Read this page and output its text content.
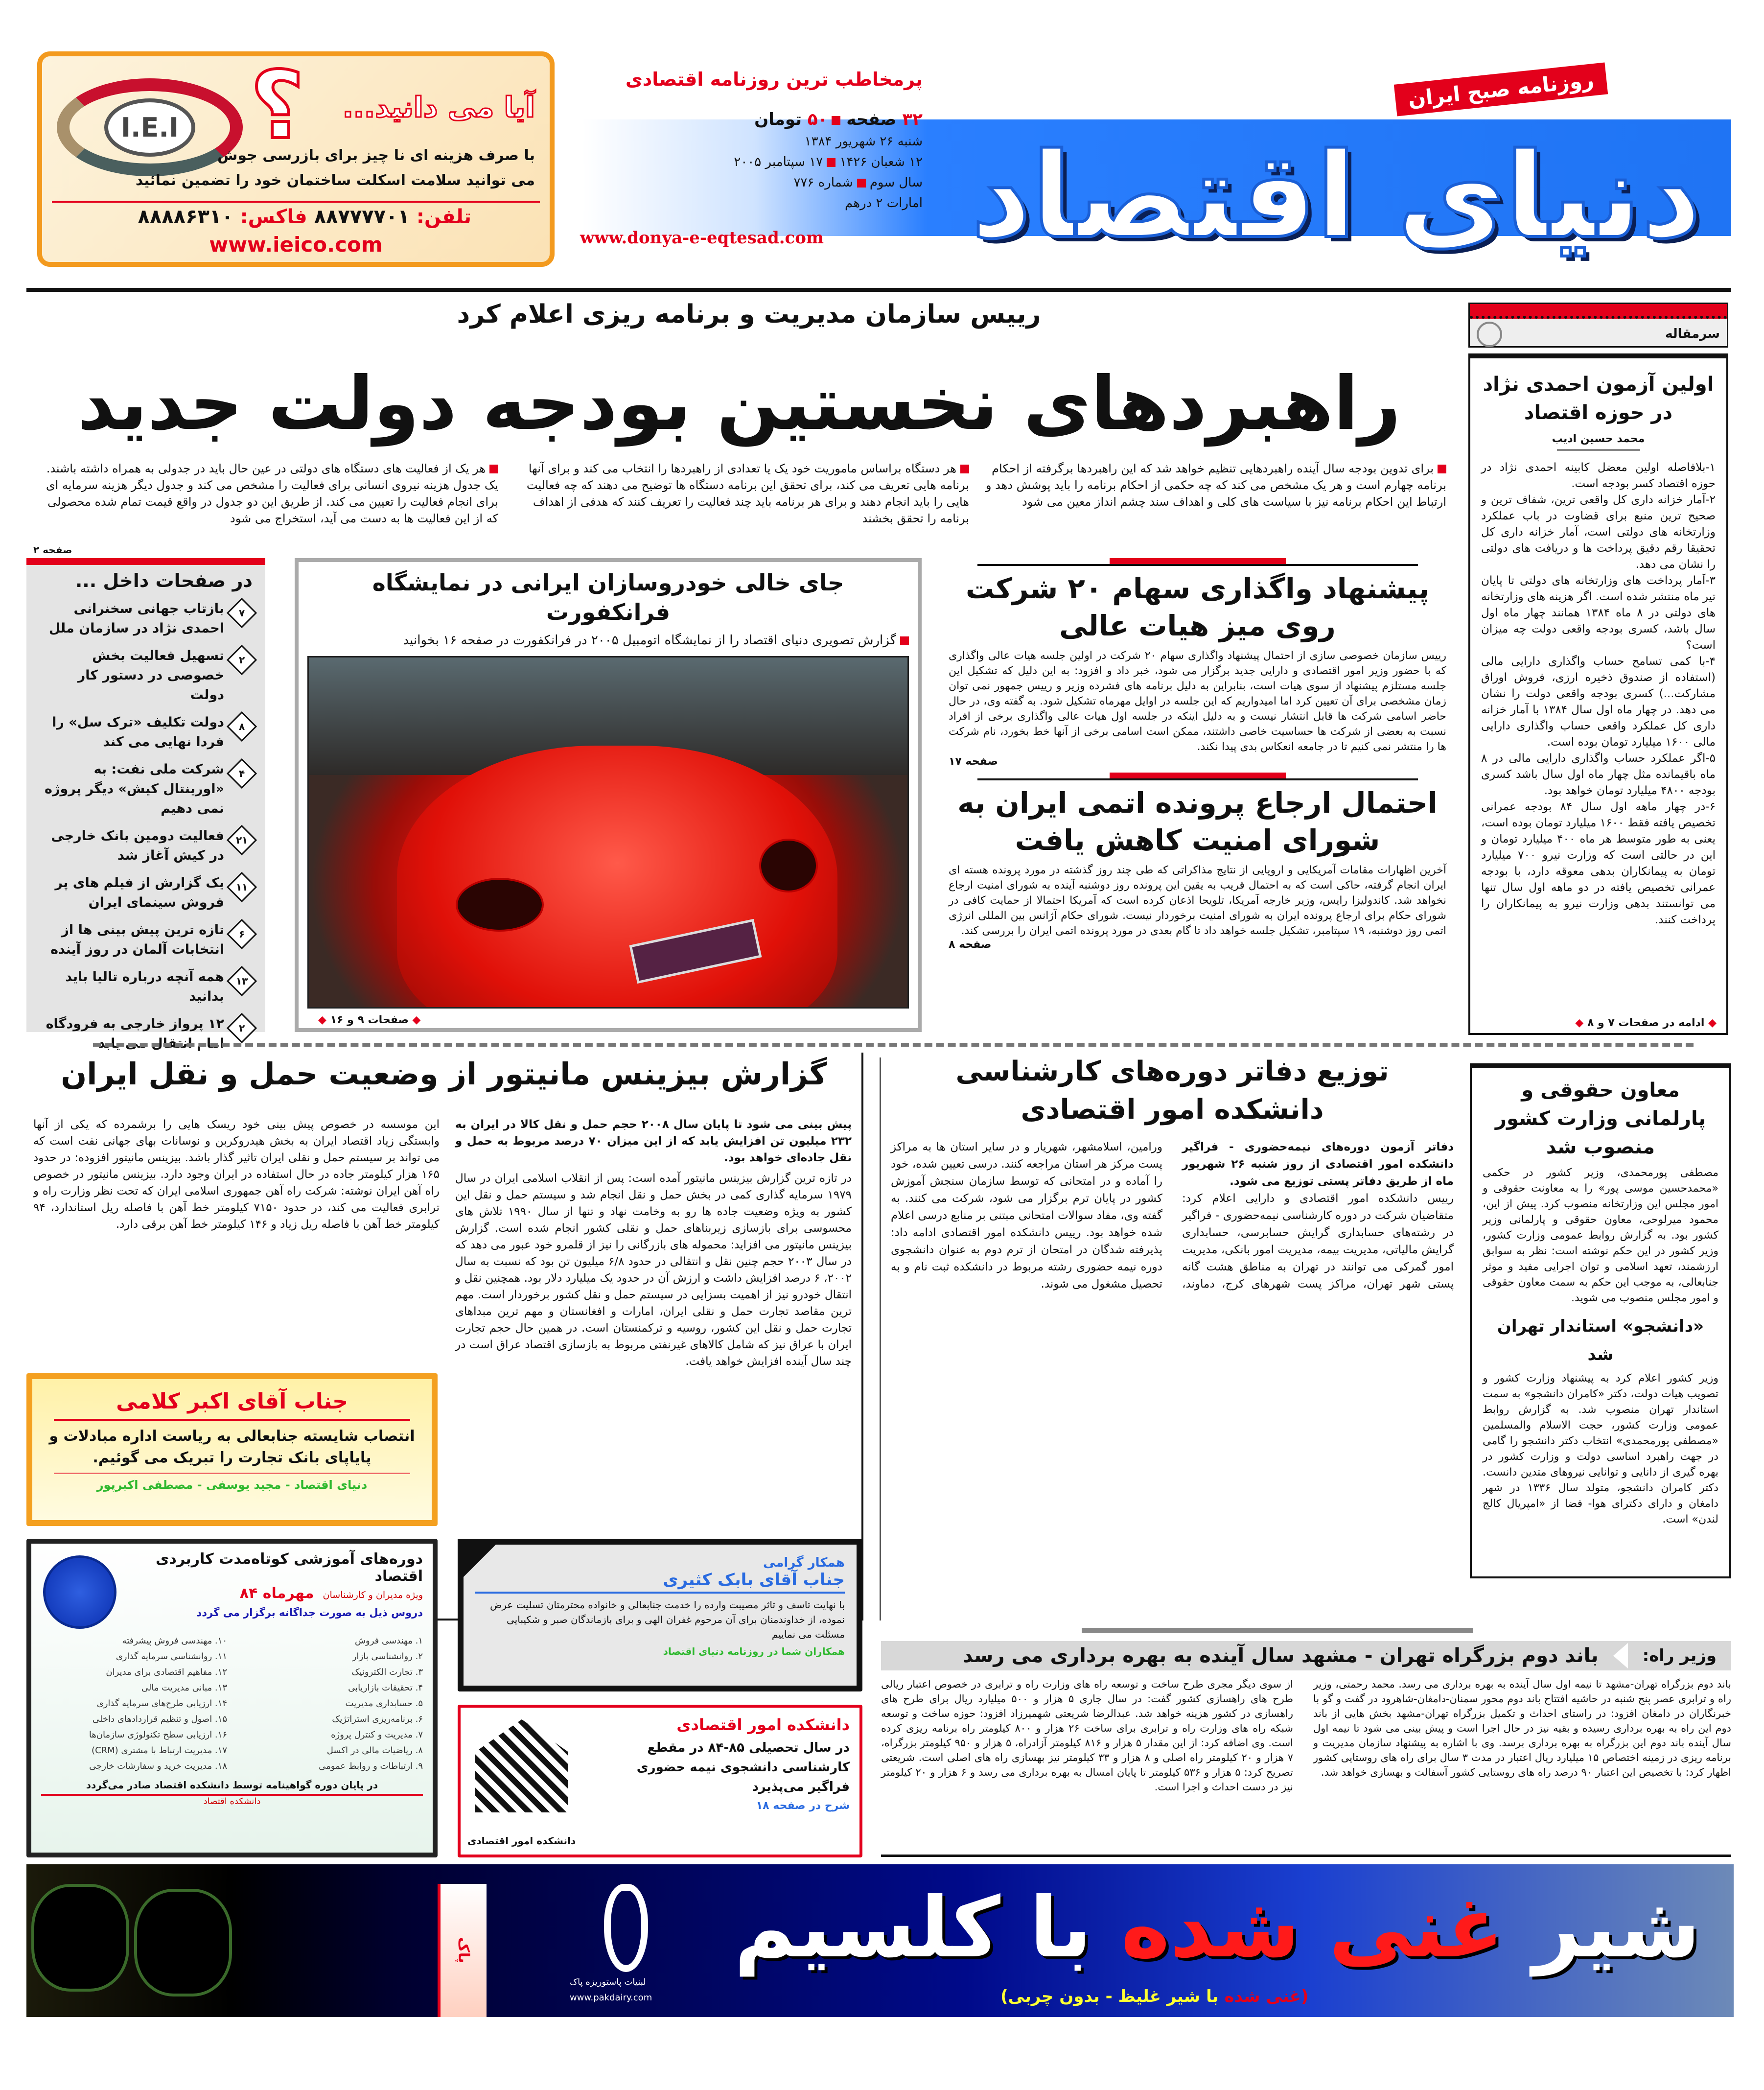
I.E.I ؟ آیا می دانید...
با صرف هزینه ای نا چیز برای بازرسی جوش
می توانید سلامت اسکلت ساختمان خود را تضمین نمائید
تلفن: ۸۸۷۷۷۷۰۱ فاکس: ۸۸۸۸۶۳۱۰
www.ieico.com	دنیای اقتصاد
روزنامه صبح ایران
پرمخاطب ترین روزنامه اقتصادی
۳۲ صفحه ۵۰ تومان
شنبه ۲۶ شهریور ۱۳۸۴
۱۲ شعبان ۱۴۲۶ ۱۷ سپتامبر ۲۰۰۵
سال سوم شماره ۷۷۶
امارات ۲ درهم
www.donya-e-eqtesad.com
سرمقاله
اولین آزمون احمدی نژاد در حوزه اقتصاد
محمد حسین ادیب

۱-بلافاصله اولین معضل کابینه احمدی نژاد در حوزه اقتصاد کسر بودجه است.

۲-آمار خزانه داری کل واقعی ترین، شفاف ترین و صحیح ترین منبع برای قضاوت در باب عملکرد وزارتخانه های دولتی است، آمار خزانه داری کل تحقیقا رقم دقیق پرداخت ها و دریافت های دولتی را نشان می دهد.

۳-آمار پرداخت های وزارتخانه های دولتی تا پایان تیر ماه منتشر شده است. اگر هزینه های وزارتخانه های دولتی در ۸ ماه ۱۳۸۴ همانند چهار ماه اول سال باشد، کسری بودجه واقعی دولت چه میزان است؟

۴-با کمی تسامح حساب واگذاری دارایی مالی (استفاده از صندوق ذخیره ارزی، فروش اوراق مشارکت...) کسری بودجه واقعی دولت را نشان می دهد. در چهار ماه اول سال ۱۳۸۴ با آمار خزانه داری کل عملکرد واقعی حساب واگذاری دارایی مالی ۱۶۰۰ میلیارد تومان بوده است.

۵-اگر عملکرد حساب واگذاری دارایی مالی در ۸ ماه باقیمانده مثل چهار ماه اول سال باشد کسری بودجه ۴۸۰۰ میلیارد تومان خواهد بود.

۶-در چهار ماهه اول سال ۸۴ بودجه عمرانی تخصیص یافته فقط ۱۶۰۰ میلیارد تومان بوده است، یعنی به طور متوسط هر ماه ۴۰۰ میلیارد تومان و این در حالتی است که وزارت نیرو ۷۰۰ میلیارد تومان به پیمانکاران بدهی معوقه دارد، با بودجه عمرانی تخصیص یافته در دو ماهه اول سال تنها می توانستند بدهی وزارت نیرو به پیمانکاران را پرداخت کنند.

◆ ادامه در صفحات ۷ و ۸ ◆
رییس سازمان مدیریت و برنامه ریزی اعلام کرد
راهبردهای نخستین بودجه دولت جدید
برای تدوین بودجه سال آینده راهبردهایی تنظیم خواهد شد که این راهبردها برگرفته از احکام برنامه چهارم است و هر یک مشخص می کند که چه حکمی از احکام برنامه را باید پوشش دهد و ارتباط این احکام برنامه نیز با سیاست های کلی و اهداف سند چشم انداز معین می شود
هر دستگاه براساس ماموریت خود یک یا تعدادی از راهبردها را انتخاب می کند و برای آنها برنامه هایی تعریف می کند، برای تحقق این برنامه دستگاه ها توضیح می دهند که چه فعالیت هایی را باید انجام دهند و برای هر برنامه باید چند فعالیت را تعریف کنند که هدفی از اهداف برنامه را تحقق بخشند
هر یک از فعالیت های دستگاه های دولتی در عین حال باید در جدولی به همراه داشته باشند. یک جدول هزینه نیروی انسانی برای فعالیت را مشخص می کند و جدول دیگر هزینه سرمایه ای برای انجام فعالیت را تعیین می کند. از طریق این دو جدول در واقع قیمت تمام شده محصولی که از این فعالیت ها به دست می آید، استخراج می شود
صفحه ۲
در صفحات داخل ...
۷
بازتاب جهانی سخنرانی احمدی نژاد در سازمان ملل
۲
تسهیل فعالیت بخش خصوصی در دستور کار دولت
۸
دولت تکلیف «ترک سل» را فردا نهایی می کند
۴
شرکت ملی نفت: به «اورینتال کیش» دیگر پروژه نمی دهیم
۲۱
فعالیت دومین بانک خارجی در کیش آغاز شد
۱۱
یک گزارش از فیلم های پر فروش سینمای ایران
۶
تازه ترین پیش بینی ها از انتخابات آلمان در روز آینده
۱۳
همه آنچه درباره تالیا باید بدانید
۲
۱۲ پرواز خارجی به فرودگاه امام انتقال می یابد
جای خالی خودروسازان ایرانی در نمایشگاه فرانکفورت
گزارش تصویری دنیای اقتصاد را از نمایشگاه اتومبیل ۲۰۰۵ در فرانکفورت در صفحه ۱۶ بخوانید
◆ صفحات ۹ و ۱۶ ◆
پیشنهاد واگذاری سهام ۲۰ شرکت روی میز هیات عالی

رییس سازمان خصوصی سازی از احتمال پیشنهاد واگذاری سهام ۲۰ شرکت در اولین جلسه هیات عالی واگذاری که با حضور وزیر امور اقتصادی و دارایی جدید برگزار می شود، خبر داد و افزود: به این دلیل که تشکیل این جلسه مستلزم پیشنهاد از سوی هیات است، بنابراین به دلیل برنامه های فشرده وزیر و رییس جمهور نمی توان زمان مشخصی برای آن تعیین کرد اما امیدواریم که این جلسه در اوایل مهرماه تشکیل شود. به گفته وی، در حال حاضر اسامی شرکت ها قابل انتشار نیست و به دلیل اینکه در جلسه اول هیات عالی واگذاری برخی از افراد نسبت به بعضی از شرکت ها حساسیت خاصی داشتند، ممکن است اسامی برخی از آنها خط بخورد، نام شرکت ها را منتشر نمی کنیم تا در جامعه انعکاس بدی پیدا نکند.

صفحه ۱۷
احتمال ارجاع پرونده اتمی ایران به شورای امنیت کاهش یافت

آخرین اظهارات مقامات آمریکایی و اروپایی از نتایج مذاکراتی که طی چند روز گذشته در مورد پرونده هسته ای ایران انجام گرفته، حاکی است که به احتمال قریب به یقین این پرونده روز دوشنبه آینده به شورای امنیت ارجاع نخواهد شد. کاندولیزا رایس، وزیر خارجه آمریکا، تلویحا اذعان کرده است که آمریکا احتمالا از حمایت کافی در شورای حکام برای ارجاع پرونده ایران به شورای امنیت برخوردار نیست. شورای حکام آژانس بین المللی انرژی اتمی روز دوشنبه، ۱۹ سپتامبر، تشکیل جلسه خواهد داد تا گام بعدی در مورد پرونده اتمی ایران را بررسی کند.

صفحه ۸
معاون حقوقی و پارلمانی وزارت کشور منصوب شد

مصطفی پورمحمدی، وزیر کشور در حکمی «محمدحسین موسی پور» را به معاونت حقوقی و امور مجلس این وزارتخانه منصوب کرد. پیش از این، محمود میرلوحی، معاون حقوقی و پارلمانی وزیر کشور بود. به گزارش روابط عمومی وزارت کشور، وزیر کشور در این حکم نوشته است: نظر به سوابق ارزشمند، تعهد اسلامی و توان اجرایی مفید و موثر جنابعالی، به موجب این حکم به سمت معاون حقوقی و امور مجلس منصوب می شوید.

«دانشجو» استاندار تهران شد

وزیر کشور اعلام کرد به پیشنهاد وزارت کشور و تصویب هیات دولت، دکتر «کامران دانشجو» به سمت استاندار تهران منصوب شد. به گزارش روابط عمومی وزارت کشور، حجت الاسلام والمسلمین «مصطفی پورمحمدی» انتخاب دکتر دانشجو را گامی در جهت راهبرد اساسی دولت و وزارت کشور در بهره گیری از دانایی و توانایی نیروهای متدین دانست. دکتر کامران دانشجو، متولد سال ۱۳۳۶ در شهر دامغان و دارای دکترای هوا- فضا از «امپریال کالج لندن» است.

توزیع دفاتر دوره‌های کارشناسی دانشکده امور اقتصادی

دفاتر آزمون دوره‌های نیمه‌حضوری - فراگیر دانشکده امور اقتصادی از روز شنبه ۲۶ شهریور ماه از طریق دفاتر پستی توزیع می شود.

رییس دانشکده امور اقتصادی و دارایی اعلام کرد: متقاضیان شرکت در دوره کارشناسی نیمه‌حضوری - فراگیر در رشته‌های حسابداری گرایش حسابرسی، حسابداری گرایش مالیاتی، مدیریت بیمه، مدیریت امور بانکی، مدیریت امور گمرکی می توانند در تهران به مناطق هشت گانه پستی شهر تهران، مراکز پست شهرهای کرج، دماوند، ورامین، اسلامشهر، شهریار و در سایر استان ها به مراکز پست مرکز هر استان مراجعه کنند. درسی تعیین شده، خود را آماده و در امتحانی که توسط سازمان سنجش آموزش کشور در پایان ترم برگزار می شود، شرکت می کنند. به گفته وی، مفاد سوالات امتحانی مبتنی بر منابع درسی اعلام شده خواهد بود. رییس دانشکده امور اقتصادی ادامه داد: پذیرفته شدگان در امتحان از ترم دوم به عنوان دانشجوی دوره نیمه حضوری رشته مربوط در دانشکده ثبت نام و به تحصیل مشغول می شوند.

گزارش بیزینس مانیتور از وضعیت حمل و نقل ایران

پیش بینی می شود تا پایان سال ۲۰۰۸ حجم حمل و نقل کالا در ایران به ۲۳۲ میلیون تن افزایش یابد که از این میزان ۷۰ درصد مربوط به حمل و نقل جاده‌ای خواهد بود.

در تازه ترین گزارش بیزینس مانیتور آمده است: پس از انقلاب اسلامی ایران در سال ۱۹۷۹ سرمایه گذاری کمی در بخش حمل و نقل انجام شد و سیستم حمل و نقل این کشور به ویژه وضعیت جاده ها رو به وخامت نهاد و تنها از سال ۱۹۹۰ تلاش های محسوسی برای بازسازی زیربناهای حمل و نقلی کشور انجام شده است. گزارش بیزینس مانیتور می افزاید: محموله های بازرگانی را نیز از قلمرو خود عبور می دهد که در سال ۲۰۰۳ حجم چنین نقل و انتقالی در حدود ۶/۸ میلیون تن بود که نسبت به سال ۲۰۰۲، ۶ درصد افزایش داشت و ارزش آن در حدود یک میلیارد دلار بود. همچنین نقل و انتقال خودرو نیز از اهمیت بسزایی در سیستم حمل و نقل کشور برخوردار است. مهم ترین مقاصد تجارت حمل و نقلی ایران، امارات و افغانستان و مهم ترین مبداهای تجارت حمل و نقل این کشور، روسیه و ترکمنستان است. در همین حال حجم تجارت ایران با عراق نیز که شامل کالاهای غیرنفتی مربوط به بازسازی اقتصاد عراق است در چند سال آینده افزایش خواهد یافت.

این موسسه در خصوص پیش بینی خود ریسک هایی را برشمرده که یکی از آنها وابستگی زیاد اقتصاد ایران به بخش هیدروکربن و نوسانات بهای جهانی نفت است که می تواند بر سیستم حمل و نقلی ایران تاثیر گذار باشد. بیزینس مانیتور افزوده: در حدود ۱۶۵ هزار کیلومتر جاده در حال استفاده در ایران وجود دارد. بیزینس مانیتور در خصوص راه آهن ایران نوشته: شرکت راه آهن جمهوری اسلامی ایران که تحت نظر وزارت راه و ترابری فعالیت می کند، در حدود ۷۱۵۰ کیلومتر خط آهن با فاصله ریل استاندارد، ۹۴ کیلومتر خط آهن با فاصله ریل زیاد و ۱۴۶ کیلومتر خط آهن برقی دارد.

جناب آقای اکبر کلامی
انتصاب شایسته جنابعالی به ریاست اداره مبادلات و پایاپای بانک تجارت را تبریک می گوئیم.
دنیای اقتصاد - مجید یوسفی - مصطفی اکبرپور
دوره‌های آموزشی کوتاه‌مدت کاربردی اقتصاد
ویژه مدیران و کارشناسان   مهرماه ۸۴
دروس ذیل به صورت جداگانه برگزار می گردد
۱. مهندسی فروش
۲. روانشناسی بازار
۳. تجارت الکترونیک
۴. تحقیقات بازاریابی
۵. حسابداری مدیریت
۶. برنامه‌ریزی استراتژیک
۷. مدیریت و کنترل پروژه
۸. ریاضیات مالی در اکسل
۹. ارتباطات و روابط عمومی
۱۰. مهندسی فروش پیشرفته
۱۱. روانشناسی سرمایه گذاری
۱۲. مفاهیم اقتصادی برای مدیران
۱۳. مبانی مدیریت مالی
۱۴. ارزیابی طرح‌های سرمایه گذاری
۱۵. اصول و تنظیم قراردادهای داخلی
۱۶. ارزیابی سطح تکنولوژی سازمان‌ها
۱۷. مدیریت ارتباط با مشتری (CRM)
۱۸. مدیریت خرید و سفارشات خارجی
در پایان دوره گواهینامه توسط دانشکده اقتصاد صادر می‌گردد
دانشکده اقتصاد
همکار گرامی
جناب آقای بابک کثیری
با نهایت تاسف و تاثر مصیبت وارده را خدمت جنابعالی و خانواده محترمتان تسلیت عرض نموده، از خداوندمنان برای آن مرحوم غفران الهی و برای بازماندگان صبر و شکیبایی مسئلت می نماییم
همکاران شما در روزنامه دنیای اقتصاد
دانشکده امور اقتصادی
دانشکده امور اقتصادی
در سال تحصیلی ۸۵-۸۴ در مقطع کارشناسی دانشجوی نیمه حضوری فراگیر می‌پذیرد
شرح در صفحه ۱۸
وزیر راه:
باند دوم بزرگراه تهران - مشهد سال آینده به بهره برداری می رسد

باند دوم بزرگراه تهران-مشهد تا نیمه اول سال آینده به بهره برداری می رسد. محمد رحمتی، وزیر راه و ترابری عصر پنج شنبه در حاشیه افتتاح باند دوم محور سمنان-دامغان-شاهرود در گفت و گو با خبرنگاران در دامغان افزود: در راستای احداث و تکمیل بزرگراه تهران-مشهد بخش هایی از باند دوم این راه به بهره برداری رسیده و بقیه نیز در حال اجرا است و پیش بینی می شود تا نیمه اول سال آینده باند دوم این بزرگراه به بهره برداری برسد. وی با اشاره به پیشنهاد سازمان مدیریت و برنامه ریزی در زمینه اختصاص ۱۵ میلیارد ریال اعتبار در مدت ۳ سال برای راه های روستایی کشور اظهار کرد: با تخصیص این اعتبار ۹۰ درصد راه های روستایی کشور آسفالت و بهسازی خواهد شد.

از سوی دیگر مجری طرح ساخت و توسعه راه های وزارت راه و ترابری در خصوص اعتبار ریالی طرح های راهسازی کشور گفت: در سال جاری ۵ هزار و ۵۰۰ میلیارد ریال برای طرح های راهسازی در کشور هزینه خواهد شد. عبدالرضا شریعتی شهمیرزاد افزود: حوزه ساخت و توسعه شبکه راه های وزارت راه و ترابری برای ساخت ۲۶ هزار و ۸۰۰ کیلومتر راه برنامه ریزی کرده است. وی اضافه کرد: از این مقدار ۵ هزار و ۸۱۶ کیلومتر آزادراه، ۵ هزار و ۹۵۰ کیلومتر بزرگراه، ۷ هزار و ۲۰ کیلومتر راه اصلی و ۸ هزار و ۳۳ کیلومتر نیز بهسازی راه های اصلی است. شریعتی تصریح کرد: ۵ هزار و ۵۳۶ کیلومتر تا پایان امسال به بهره برداری می رسد و ۶ هزار و ۲۰ کیلومتر نیز در دست احداث و اجرا است.

پاک
لبنیات پاستوریزه پاک
www.pakdairy.com
شیر غنی شده با کلسیم
(غنی شده با شیر غلیظ - بدون چربی)
